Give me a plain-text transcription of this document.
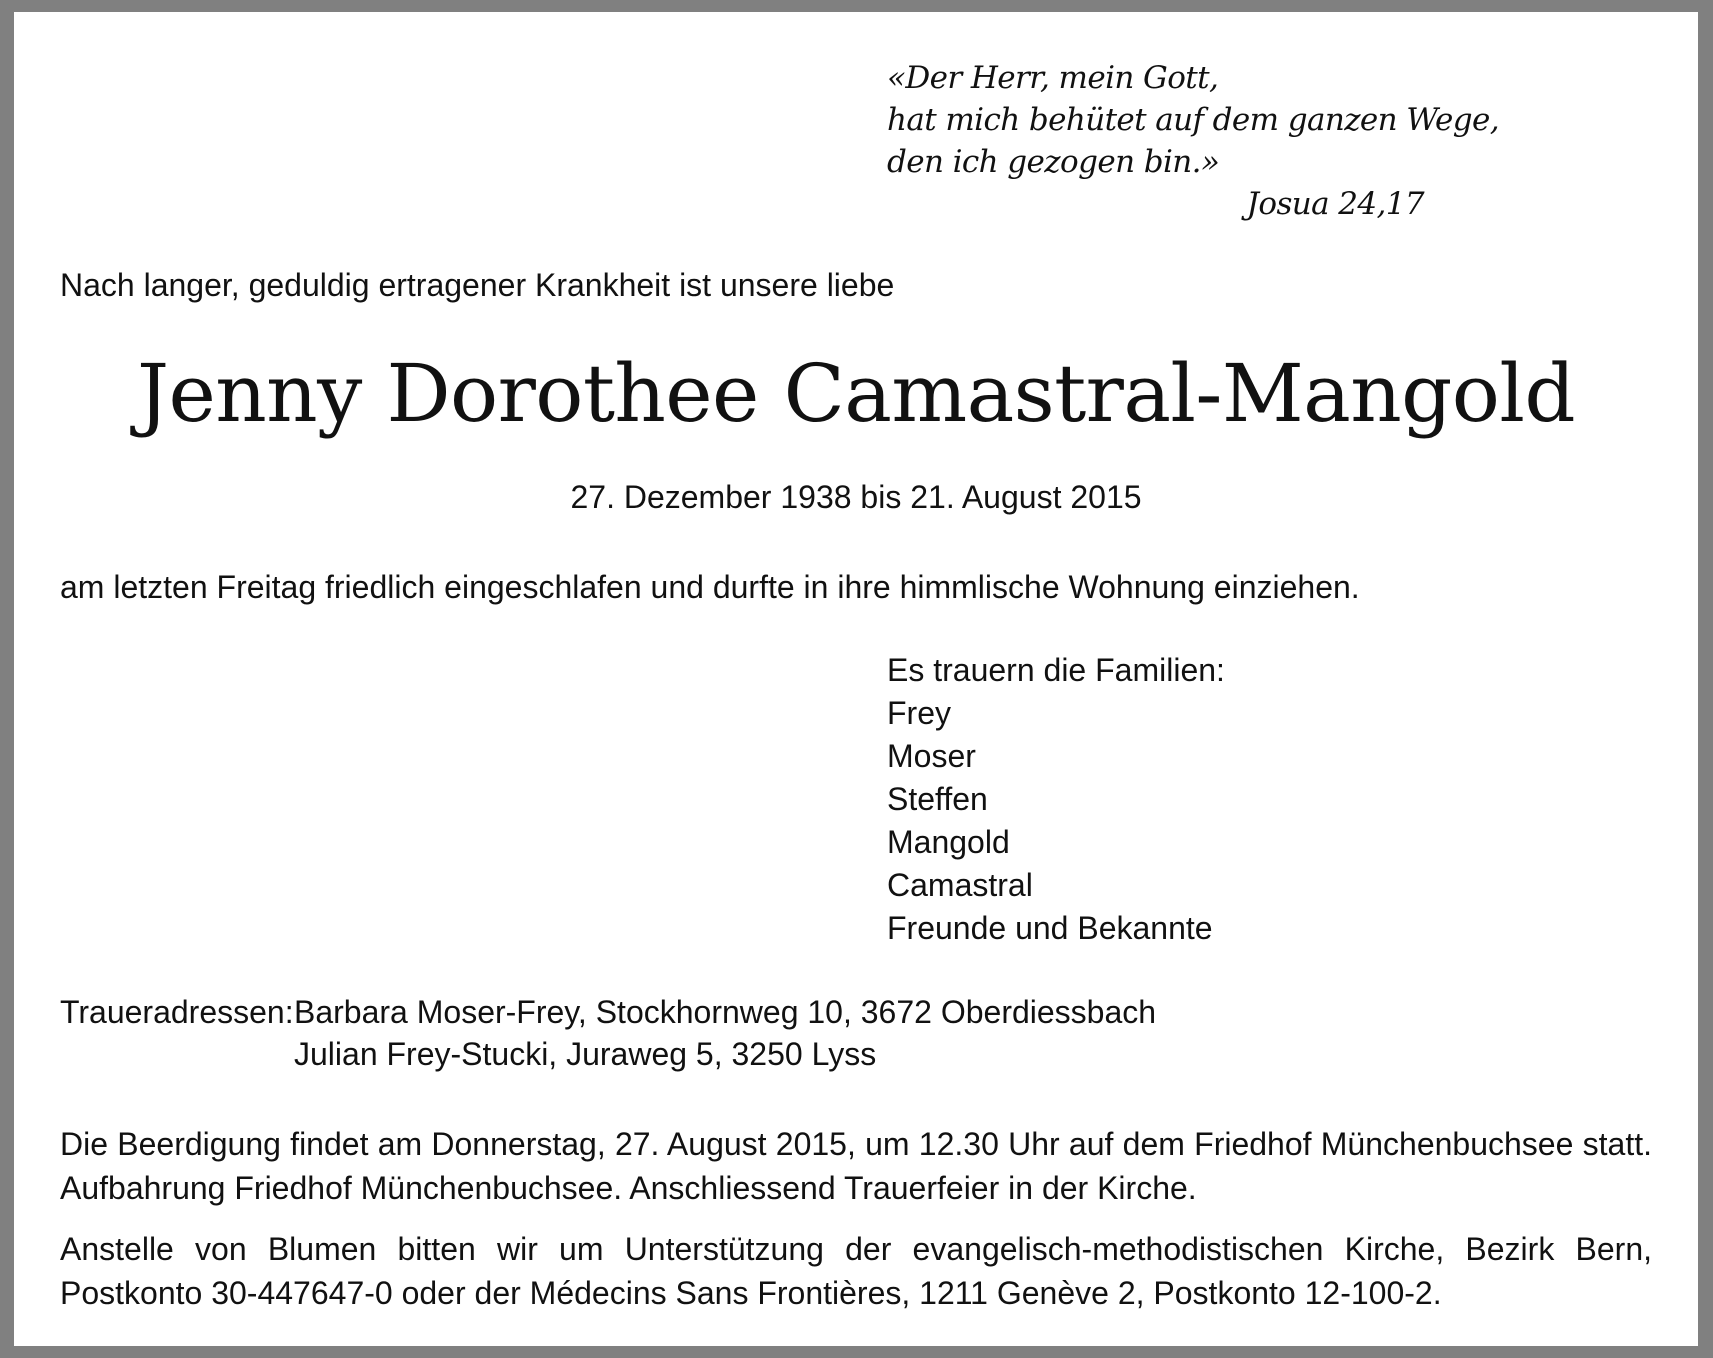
«Der Herr, mein Gott,
hat mich behütet auf dem ganzen Wege,
den ich gezogen bin.»
Josua 24,17
Nach langer, geduldig ertragener Krankheit ist unsere liebe
Jenny Dorothee Camastral-Mangold
27. Dezember 1938 bis 21. August 2015
am letzten Freitag friedlich eingeschlafen und durfte in ihre himmlische Wohnung einziehen.
Es trauern die Familien:
Frey
Moser
Steffen
Mangold
Camastral
Freunde und Bekannte
Traueradressen: Barbara Moser-Frey, Stockhornweg 10, 3672 Oberdiessbach
Julian Frey-Stucki, Juraweg 5, 3250 Lyss
Die Beerdigung findet am Donnerstag, 27. August 2015, um 12.30 Uhr auf dem Friedhof Münchenbuchsee statt. Aufbahrung Friedhof Münchenbuchsee. Anschliessend Trauerfeier in der Kirche.
Anstelle von Blumen bitten wir um Unterstützung der evangelisch-methodistischen Kirche, Bezirk Bern, Postkonto 30-447647-0 oder der Médecins Sans Frontières, 1211 Genève 2, Postkonto 12-100-2.
